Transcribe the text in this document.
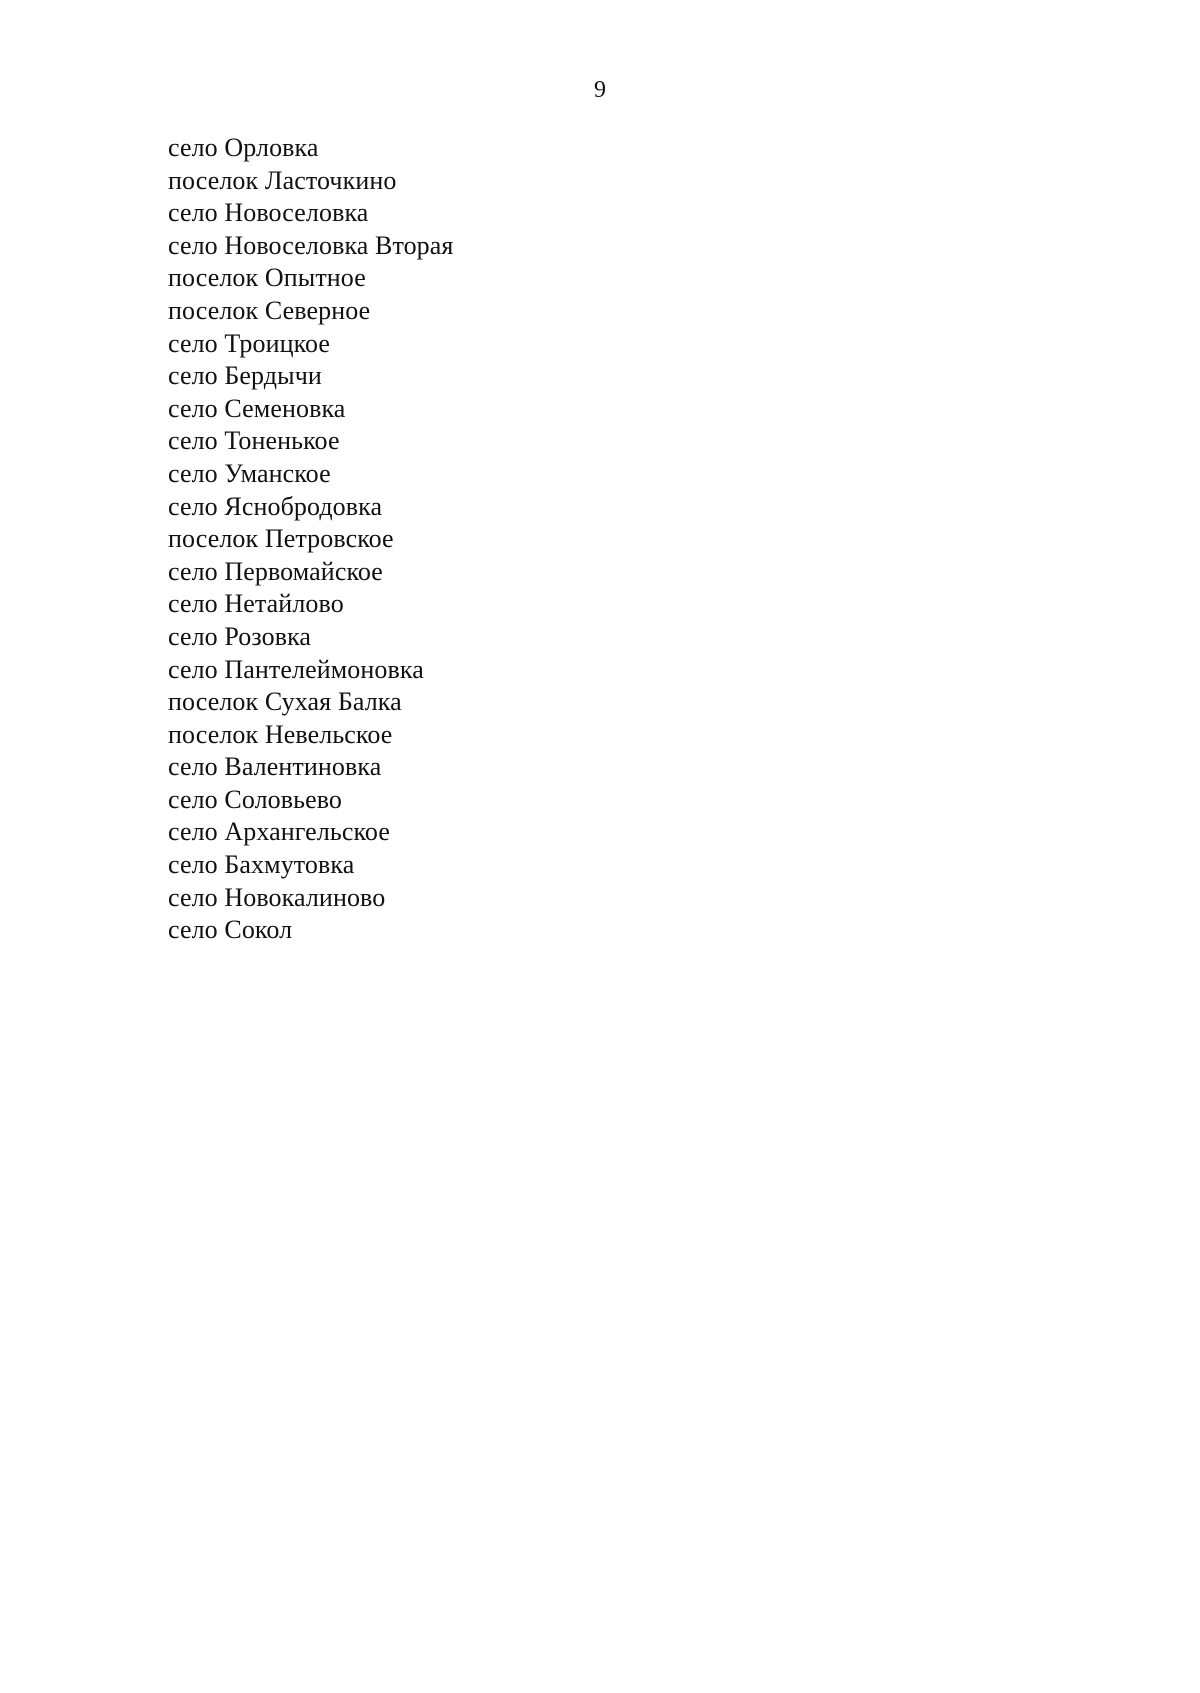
9
село Орловка
поселок Ласточкино
село Новоселовка
село Новоселовка Вторая
поселок Опытное
поселок Северное
село Троицкое
село Бердычи
село Семеновка
село Тоненькое
село Уманское
село Яснобродовка
поселок Петровское
село Первомайское
село Нетайлово
село Розовка
село Пантелеймоновка
поселок Сухая Балка
поселок Невельское
село Валентиновка
село Соловьево
село Архангельское
село Бахмутовка
село Новокалиново
село Сокол
